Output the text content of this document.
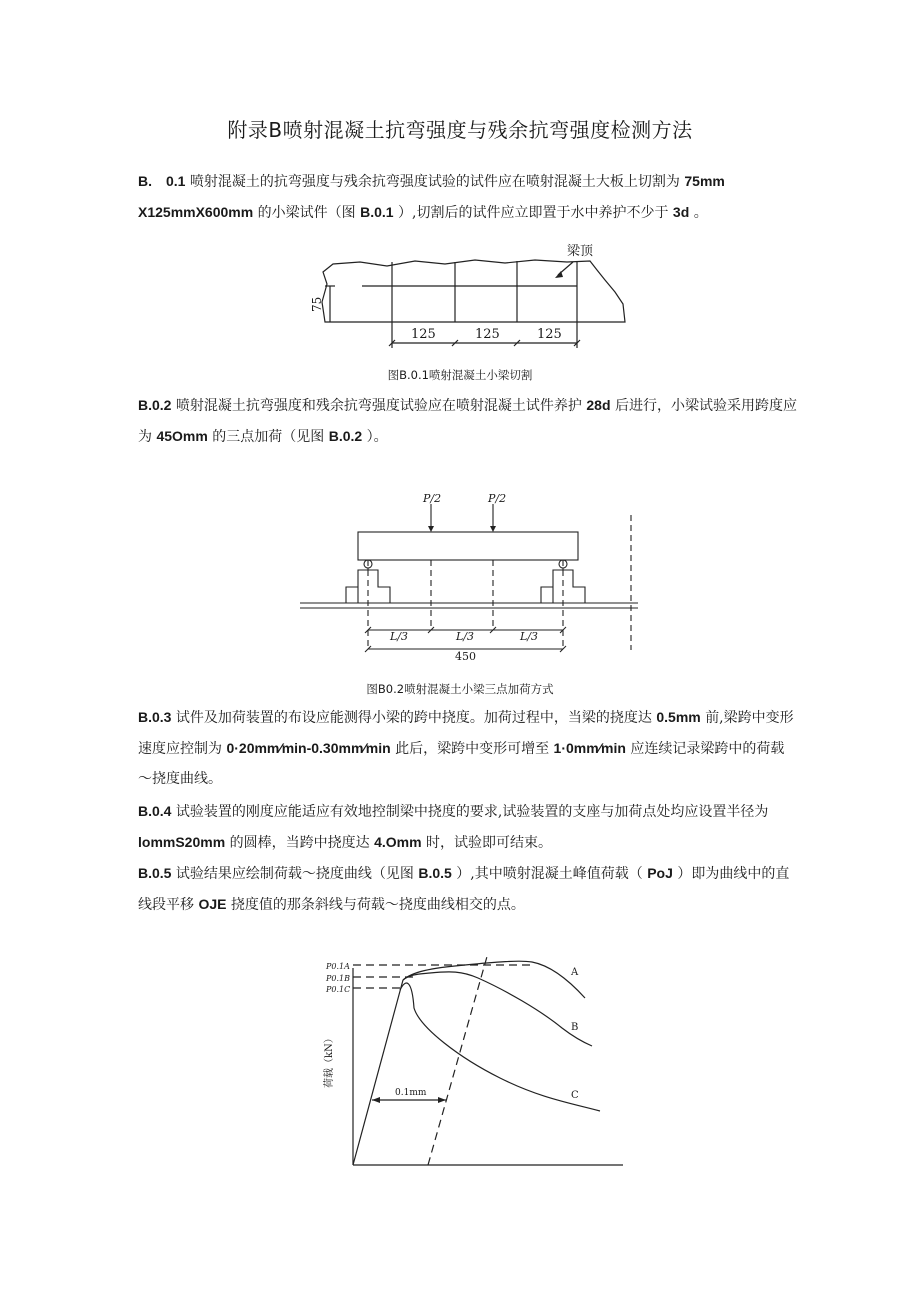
附录B喷射混凝土抗弯强度与残余抗弯强度检测方法
B.　0.1 喷射混凝土的抗弯强度与残余抗弯强度试验的试件应在喷射混凝土大板上切割为 75mm
X125mmX600mm 的小梁试件（图 B.0.1 ）,切割后的试件应立即置于水中养护不少于 3d 。
梁顶
75
125	125	125
图B.0.1喷射混凝土小梁切割
B.0.2 喷射混凝土抗弯强度和残余抗弯强度试验应在喷射混凝土试件养护 28d 后进行，小梁试验采用跨度应为 45Omm 的三点加荷（见图 B.0.2 ）。
P/2	P/2
L/3	L/3	L/3
450
图B0.2喷射混凝土小梁三点加荷方式
B.0.3 试件及加荷装置的布设应能测得小梁的跨中挠度。加荷过程中，当梁的挠度达 0.5mm 前,梁跨中变形速度应控制为 0·20mm∕min-0.30mm∕min 此后，梁跨中变形可增至 1·0mm∕min 应连续记录梁跨中的荷载～挠度曲线。
B.0.4 试验装置的刚度应能适应有效地控制梁中挠度的要求,试验装置的支座与加荷点处均应设置半径为 lommS20mm 的圆棒，当跨中挠度达 4.Omm 时，试验即可结束。
B.0.5 试验结果应绘制荷载～挠度曲线（见图 B.0.5 ）,其中喷射混凝土峰值荷载（ PoJ ）即为曲线中的直线段平移 OJE 挠度值的那条斜线与荷载～挠度曲线相交的点。
0.1mm
P0.1A
P0.1B
P0.1C
A
B
C
荷载（kN）
